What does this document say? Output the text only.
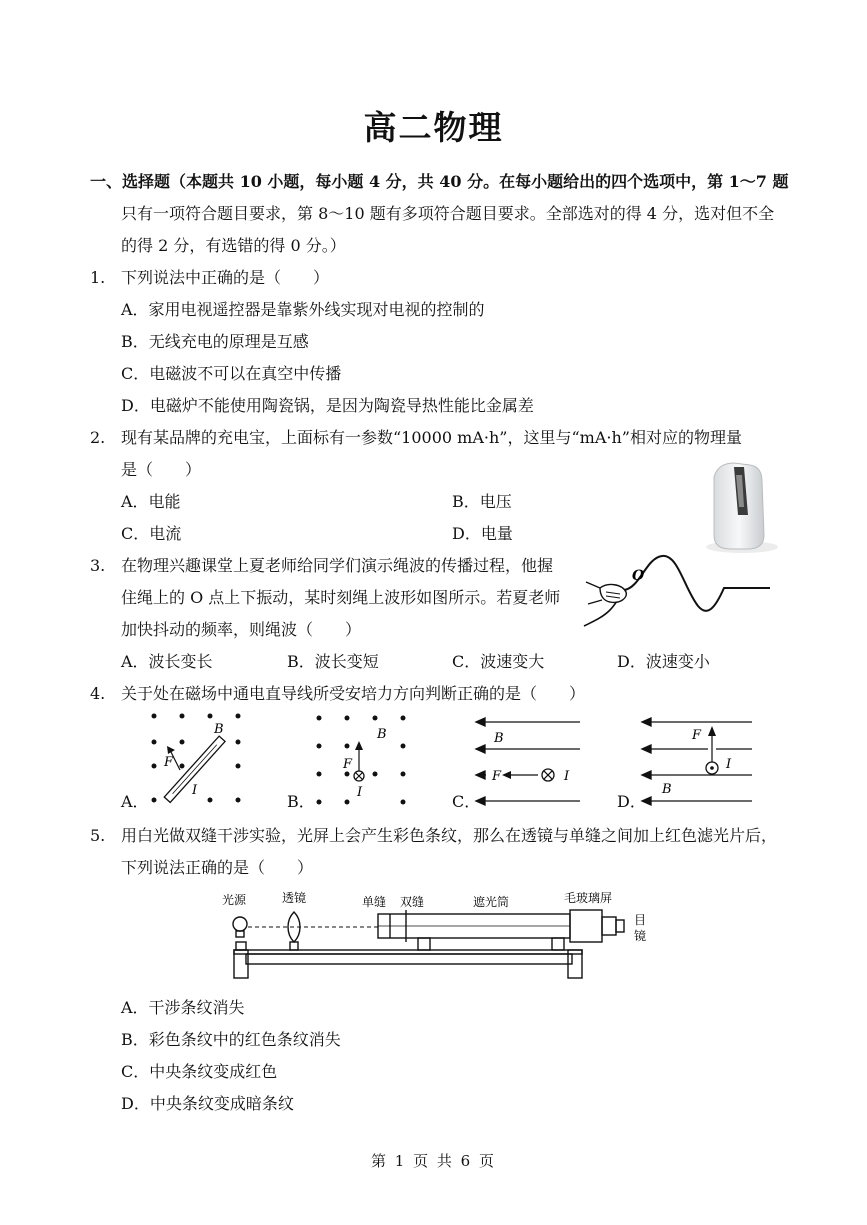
高二物理
一、选择题（本题共 10 小题，每小题 4 分，共 40 分。在每小题给出的四个选项中，第 1～7 题
只有一项符合题目要求，第 8～10 题有多项符合题目要求。全部选对的得 4 分，选对但不全
的得 2 分，有选错的得 0 分。）
1. 下列说法中正确的是（　　）
A．家用电视遥控器是靠紫外线实现对电视的控制的
B．无线充电的原理是互感
C．电磁波不可以在真空中传播
D．电磁炉不能使用陶瓷锅，是因为陶瓷导热性能比金属差
2. 现有某品牌的充电宝，上面标有一参数“10000 mA·h”，这里与“mA·h”相对应的物理量
是（　　）
A．电能	B．电压
C．电流	D．电量
3. 在物理兴趣课堂上夏老师给同学们演示绳波的传播过程，他握
住绳上的 O 点上下振动，某时刻绳上波形如图所示。若夏老师
加快抖动的频率，则绳波（　　）
A．波长变长	B．波长变短	C．波速变大	D．波速变小
O
4. 关于处在磁场中通电直导线所受安培力方向判断正确的是（　　）
B
F
I
A．
B
F
I
B．
B
F	I
C．
F
I
B
D．
5. 用白光做双缝干涉实验，光屏上会产生彩色条纹，那么在透镜与单缝之间加上红色滤光片后，
下列说法正确的是（　　）
光源	透镜	单缝 双缝	遮光筒	毛玻璃屏
目
镜
A．干涉条纹消失
B．彩色条纹中的红色条纹消失
C．中央条纹变成红色
D．中央条纹变成暗条纹
第 1 页 共 6 页
